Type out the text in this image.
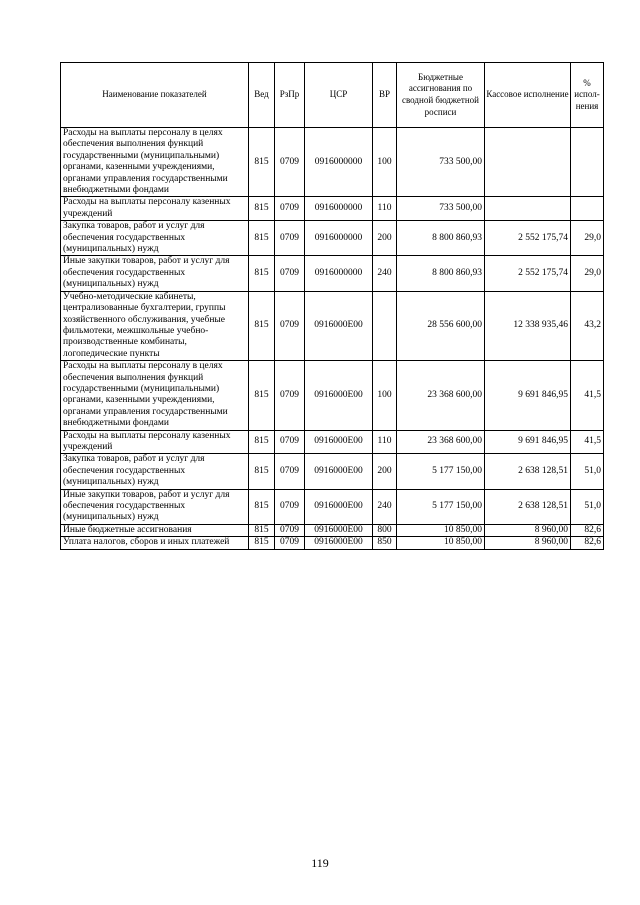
Наименование показателей	Вед	РзПр	ЦСР	ВР	Бюджетные ассигнования по сводной бюджетной росписи	Кассовое исполнение	% испол-нения
Расходы на выплаты персоналу в целях обеспечения выполнения функций государственными (муниципальными) органами, казенными учреждениями, органами управления государственными внебюджетными фондами	815	0709	0916000000	100	733 500,00		
Расходы на выплаты персоналу казенных учреждений	815	0709	0916000000	110	733 500,00		
Закупка товаров, работ и услуг для обеспечения государственных (муниципальных) нужд	815	0709	0916000000	200	8 800 860,93	2 552 175,74	29,0
Иные закупки товаров, работ и услуг для обеспечения государственных (муниципальных) нужд	815	0709	0916000000	240	8 800 860,93	2 552 175,74	29,0
Учебно-методические кабинеты, централизованные бухгалтерии, группы хозяйственного обслуживания, учебные фильмотеки, межшкольные учебно-производственные комбинаты, логопедические пункты	815	0709	0916000Е00		28 556 600,00	12 338 935,46	43,2
Расходы на выплаты персоналу в целях обеспечения выполнения функций государственными (муниципальными) органами, казенными учреждениями, органами управления государственными внебюджетными фондами	815	0709	0916000Е00	100	23 368 600,00	9 691 846,95	41,5
Расходы на выплаты персоналу казенных учреждений	815	0709	0916000Е00	110	23 368 600,00	9 691 846,95	41,5
Закупка товаров, работ и услуг для обеспечения государственных (муниципальных) нужд	815	0709	0916000Е00	200	5 177 150,00	2 638 128,51	51,0
Иные закупки товаров, работ и услуг для обеспечения государственных (муниципальных) нужд	815	0709	0916000Е00	240	5 177 150,00	2 638 128,51	51,0
Иные бюджетные ассигнования	815	0709	0916000Е00	800	10 850,00	8 960,00	82,6
Уплата налогов, сборов и иных платежей	815	0709	0916000Е00	850	10 850,00	8 960,00	82,6
119
